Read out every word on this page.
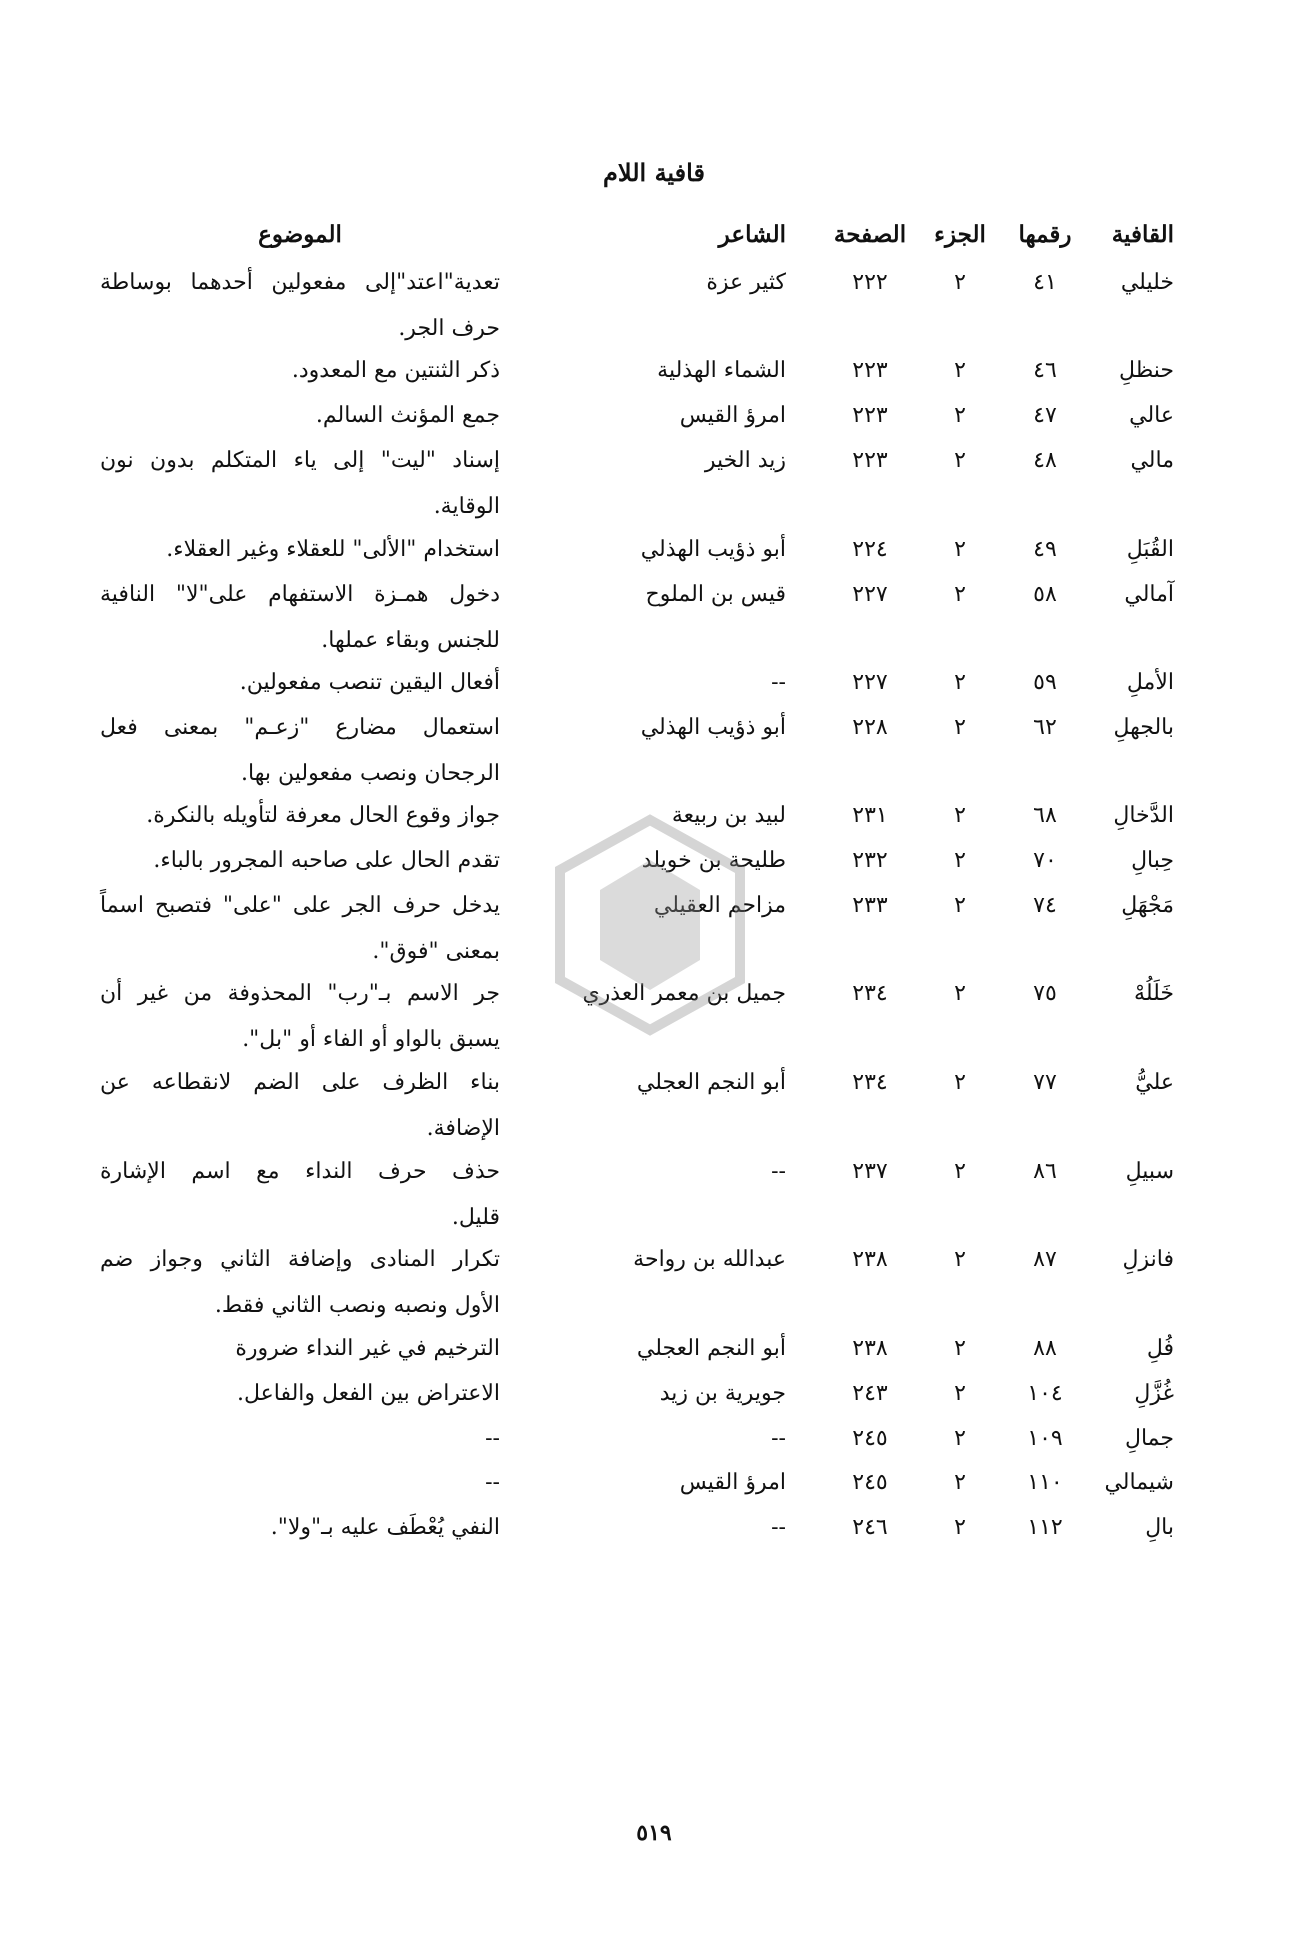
قافية اللام
القافية
رقمها
الجزء
الصفحة
الشاعر
الموضوع
خليلي
٤١
٢
٢٢٢
كثير عزة
تعدية"اعتد"إلى مفعولين أحدهما بوساطة
حرف الجر.
حنظلِ
٤٦
٢
٢٢٣
الشماء الهذلية
ذكر الثنتين مع المعدود.
عالي
٤٧
٢
٢٢٣
امرؤ القيس
جمع المؤنث السالم.
مالي
٤٨
٢
٢٢٣
زيد الخير
إسناد "ليت" إلى ياء المتكلم بدون نون
الوقاية.
القُبَلِ
٤٩
٢
٢٢٤
أبو ذؤيب الهذلي
استخدام "الألى" للعقلاء وغير العقلاء.
آمالي
٥٨
٢
٢٢٧
قيس بن الملوح
دخول همـزة الاستفهام على"لا" النافية
للجنس وبقاء عملها.
الأملِ
٥٩
٢
٢٢٧
--
أفعال اليقين تنصب مفعولين.
بالجهلِ
٦٢
٢
٢٢٨
أبو ذؤيب الهذلي
استعمال مضارع "زعـم" بمعنى فعل
الرجحان ونصب مفعولين بها.
الدَّخالِ
٦٨
٢
٢٣١
لبيد بن ربيعة
جواز وقوع الحال معرفة لتأويله بالنكرة.
حِبالِ
٧٠
٢
٢٣٢
طليحة بن خويلد
تقدم الحال على صاحبه المجرور بالباء.
مَجْهَلِ
٧٤
٢
٢٣٣
مزاحم العقيلي
يدخل حرف الجر على "على" فتصبح اسماً
بمعنى "فوق".
خَلَلُهْ
٧٥
٢
٢٣٤
جميل بن معمر العذري
جر الاسم بـ"رب" المحذوفة من غير أن
يسبق بالواو أو الفاء أو "بل".
عليُّ
٧٧
٢
٢٣٤
أبو النجم العجلي
بناء الظرف على الضم لانقطاعه عن
الإضافة.
سبيلِ
٨٦
٢
٢٣٧
--
حذف حرف النداء مع اسم الإشارة
قليل.
فانزلِ
٨٧
٢
٢٣٨
عبدالله بن رواحة
تكرار المنادى وإضافة الثاني وجواز ضم
الأول ونصبه ونصب الثاني فقط.
فُلِ
٨٨
٢
٢٣٨
أبو النجم العجلي
الترخيم في غير النداء ضرورة
غُزَّلِ
١٠٤
٢
٢٤٣
جويرية بن زيد
الاعتراض بين الفعل والفاعل.
جمالِ
١٠٩
٢
٢٤٥
--
--
شيمالي
١١٠
٢
٢٤٥
امرؤ القيس
--
بالِ
١١٢
٢
٢٤٦
--
النفي يُعْطَف عليه بـ"ولا".
٥١٩
